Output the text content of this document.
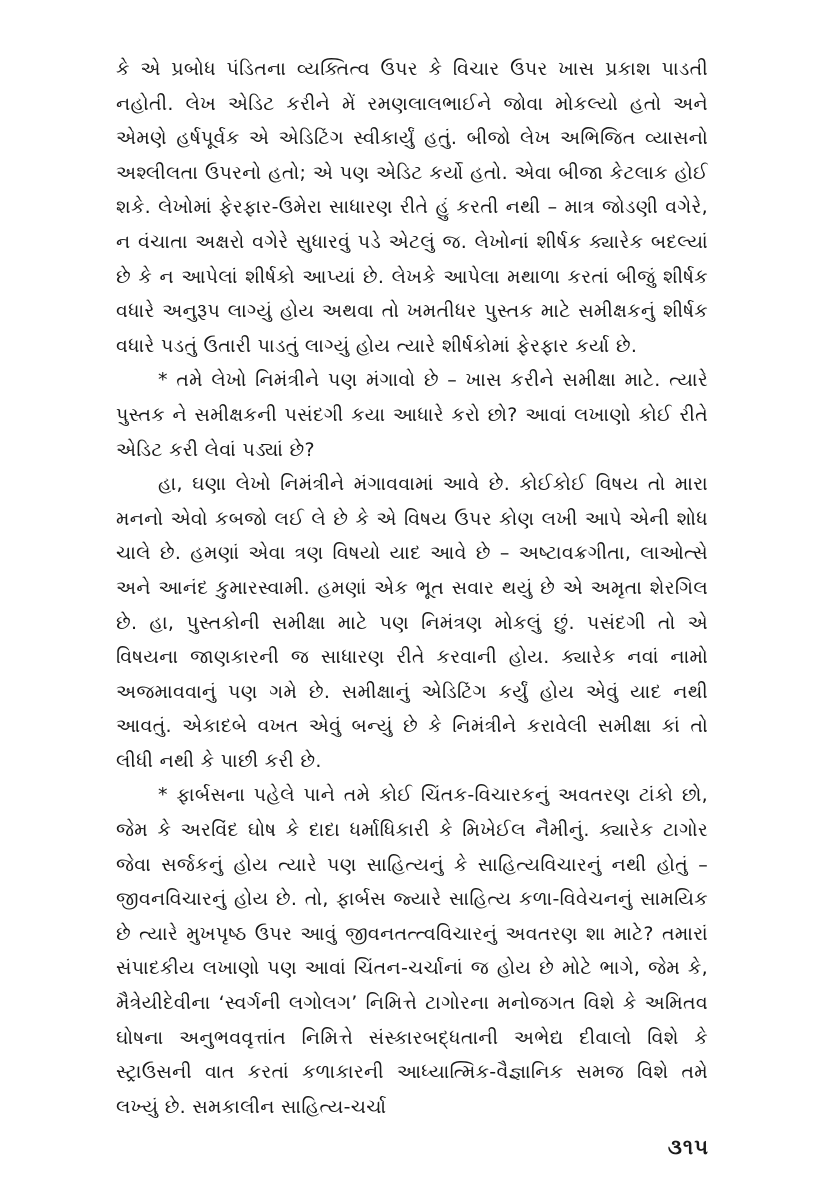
કે એ પ્રબોધ પંડિતના વ્યક્તિત્વ ઉપર કે વિચાર ઉપર ખાસ પ્રકાશ પાડતી નહોતી. લેખ એડિટ કરીને મેં રમણલાલભાઈને જોવા મોકલ્યો હતો અને એમણે હર્ષપૂર્વક એ એડિટિંગ સ્વીકાર્યું હતું. બીજો લેખ અભિજિત વ્યાસનો અશ્લીલતા ઉપરનો હતો; એ પણ એડિટ કર્યો હતો. એવા બીજા કેટલાક હોઈ શકે. લેખોમાં ફેરફાર-ઉમેરા સાધારણ રીતે હું કરતી નથી – માત્ર જોડણી વગેરે, ન વંચાતા અક્ષરો વગેરે સુધારવું પડે એટલું જ. લેખોનાં શીર્ષક ક્યારેક બદલ્યાં છે કે ન આપેલાં શીર્ષકો આપ્યાં છે. લેખકે આપેલા મથાળા કરતાં બીજું શીર્ષક વધારે અનુરૂપ લાગ્યું હોય અથવા તો ખમતીધર પુસ્તક માટે સમીક્ષકનું શીર્ષક વધારે પડતું ઉતારી પાડતું લાગ્યું હોય ત્યારે શીર્ષકોમાં ફેરફાર કર્યા છે.

* તમે લેખો નિમંત્રીને પણ મંગાવો છે – ખાસ કરીને સમીક્ષા માટે. ત્યારે પુસ્તક ને સમીક્ષકની પસંદગી કયા આધારે કરો છો? આવાં લખાણો કોઈ રીતે એડિટ કરી લેવાં પડ્યાં છે?

હા, ઘણા લેખો નિમંત્રીને મંગાવવામાં આવે છે. કોઈકોઈ વિષય તો મારા મનનો એવો કબજો લઈ લે છે કે એ વિષય ઉપર કોણ લખી આપે એની શોધ ચાલે છે. હમણાં એવા ત્રણ વિષયો યાદ આવે છે – અષ્ટાવક્રગીતા, લાઓત્સે અને આનંદ કુમારસ્વામી. હમણાં એક ભૂત સવાર થયું છે એ અમૃતા શેરગિલ છે. હા, પુસ્તકોની સમીક્ષા માટે પણ નિમંત્રણ મોકલું છું. પસંદગી તો એ વિષયના જાણકારની જ સાધારણ રીતે કરવાની હોય. ક્યારેક નવાં નામો અજમાવવાનું પણ ગમે છે. સમીક્ષાનું એડિટિંગ કર્યું હોય એવું યાદ નથી આવતું. એકાદબે વખત એવું બન્યું છે કે નિમંત્રીને કરાવેલી સમીક્ષા કાં તો લીધી નથી કે પાછી કરી છે.

* ફાર્બસના પહેલે પાને તમે કોઈ ચિંતક-વિચારકનું અવતરણ ટાંકો છો, જેમ કે અરવિંદ ઘોષ કે દાદા ધર્માધિકારી કે મિખેઈલ નૈમીનું. ક્યારેક ટાગોર જેવા સર્જકનું હોય ત્યારે પણ સાહિત્યનું કે સાહિત્યવિચારનું નથી હોતું – જીવનવિચારનું હોય છે. તો, ફાર્બસ જ્યારે સાહિત્ય કળા-વિવેચનનું સામયિક છે ત્યારે મુખપૃષ્ઠ ઉપર આવું જીવનતત્ત્વવિચારનું અવતરણ શા માટે? તમારાં સંપાદકીય લખાણો પણ આવાં ચિંતન-ચર્ચાનાં જ હોય છે મોટે ભાગે, જેમ કે, મૈત્રેયીદેવીના ‘સ્વર્ગની લગોલગ’ નિમિત્તે ટાગોરના મનોજગત વિશે કે અમિતવ ઘોષના અનુભવવૃત્તાંત નિમિત્તે સંસ્કારબદ્ધતાની અભેદ્ય દીવાલો વિશે કે સ્ટ્રાઉસની વાત કરતાં કળાકારની આધ્યાત્મિક-વૈજ્ઞાનિક સમજ વિશે તમે લખ્યું છે. સમકાલીન સાહિત્ય-ચર્ચા

૩૧૫
